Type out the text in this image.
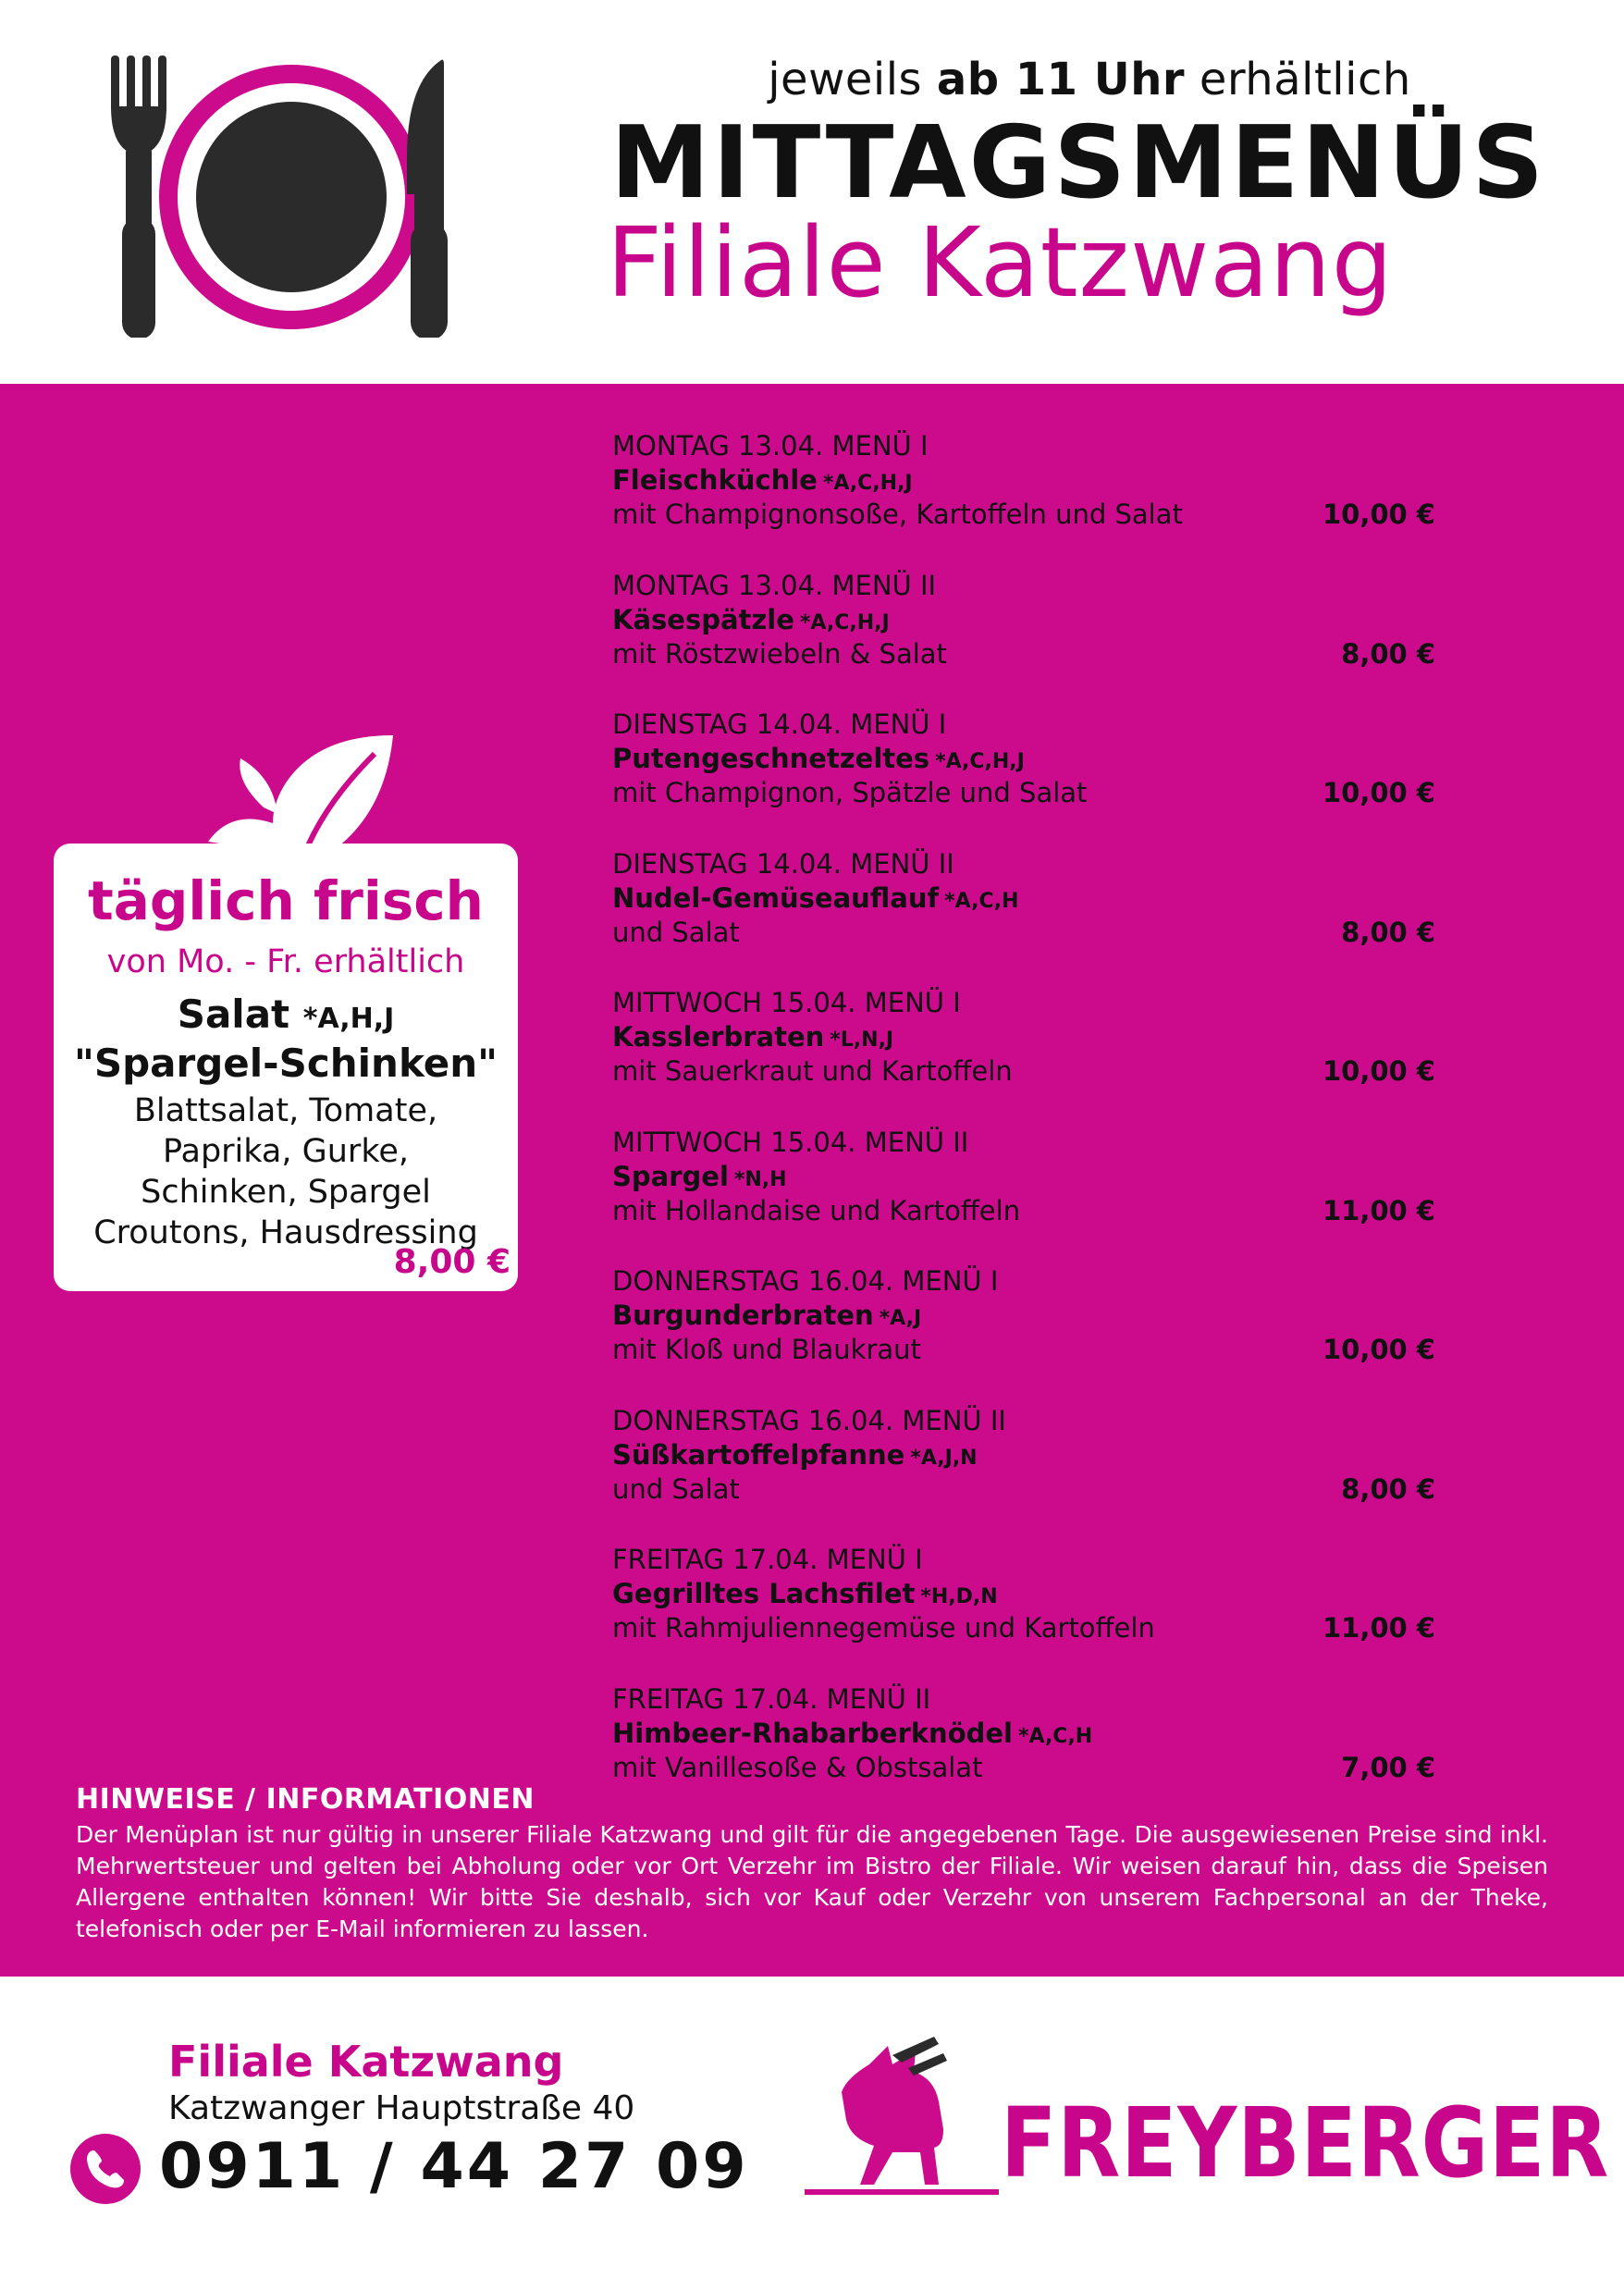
jeweils ab 11 Uhr erhältlich
MITTAGSMENÜS
Filiale Katzwang
täglich frisch
von Mo. - Fr. erhältlich
Salat *A,H,J
"Spargel-Schinken"
Blattsalat, Tomate,
Paprika, Gurke,
Schinken, Spargel
Croutons, Hausdressing
8,00 €
MONTAG 13.04. MENÜ I
Fleischküchle *A,C,H,J
mit Champignonsoße, Kartoffeln und Salat	10,00 €
MONTAG 13.04. MENÜ II
Käsespätzle *A,C,H,J
mit Röstzwiebeln & Salat	8,00 €
DIENSTAG 14.04. MENÜ I
Putengeschnetzeltes *A,C,H,J
mit Champignon, Spätzle und Salat	10,00 €
DIENSTAG 14.04. MENÜ II
Nudel-Gemüseauflauf *A,C,H
und Salat	8,00 €
MITTWOCH 15.04. MENÜ I
Kasslerbraten *L,N,J
mit Sauerkraut und Kartoffeln	10,00 €
MITTWOCH 15.04. MENÜ II
Spargel *N,H
mit Hollandaise und Kartoffeln	11,00 €
DONNERSTAG 16.04. MENÜ I
Burgunderbraten *A,J
mit Kloß und Blaukraut	10,00 €
DONNERSTAG 16.04. MENÜ II
Süßkartoffelpfanne *A,J,N
und Salat	8,00 €
FREITAG 17.04. MENÜ I
Gegrilltes Lachsfilet *H,D,N
mit Rahmjuliennegemüse und Kartoffeln	11,00 €
FREITAG 17.04. MENÜ II
Himbeer-Rhabarberknödel *A,C,H
mit Vanillesoße & Obstsalat	7,00 €
HINWEISE / INFORMATIONEN
Der Menüplan ist nur gültig in unserer Filiale Katzwang und gilt für die angegebenen Tage. Die ausgewiesenen Preise sind inkl. Mehrwertsteuer und gelten bei Abholung oder vor Ort Verzehr im Bistro der Filiale. Wir weisen darauf hin, dass die Speisen Allergene enthalten können! Wir bitte Sie deshalb, sich vor Kauf oder Verzehr von unserem Fachpersonal an der Theke, telefonisch oder per E-Mail informieren zu lassen.
Filiale Katzwang
Katzwanger Hauptstraße 40
0911 / 44 27 09	FREYBERGER
